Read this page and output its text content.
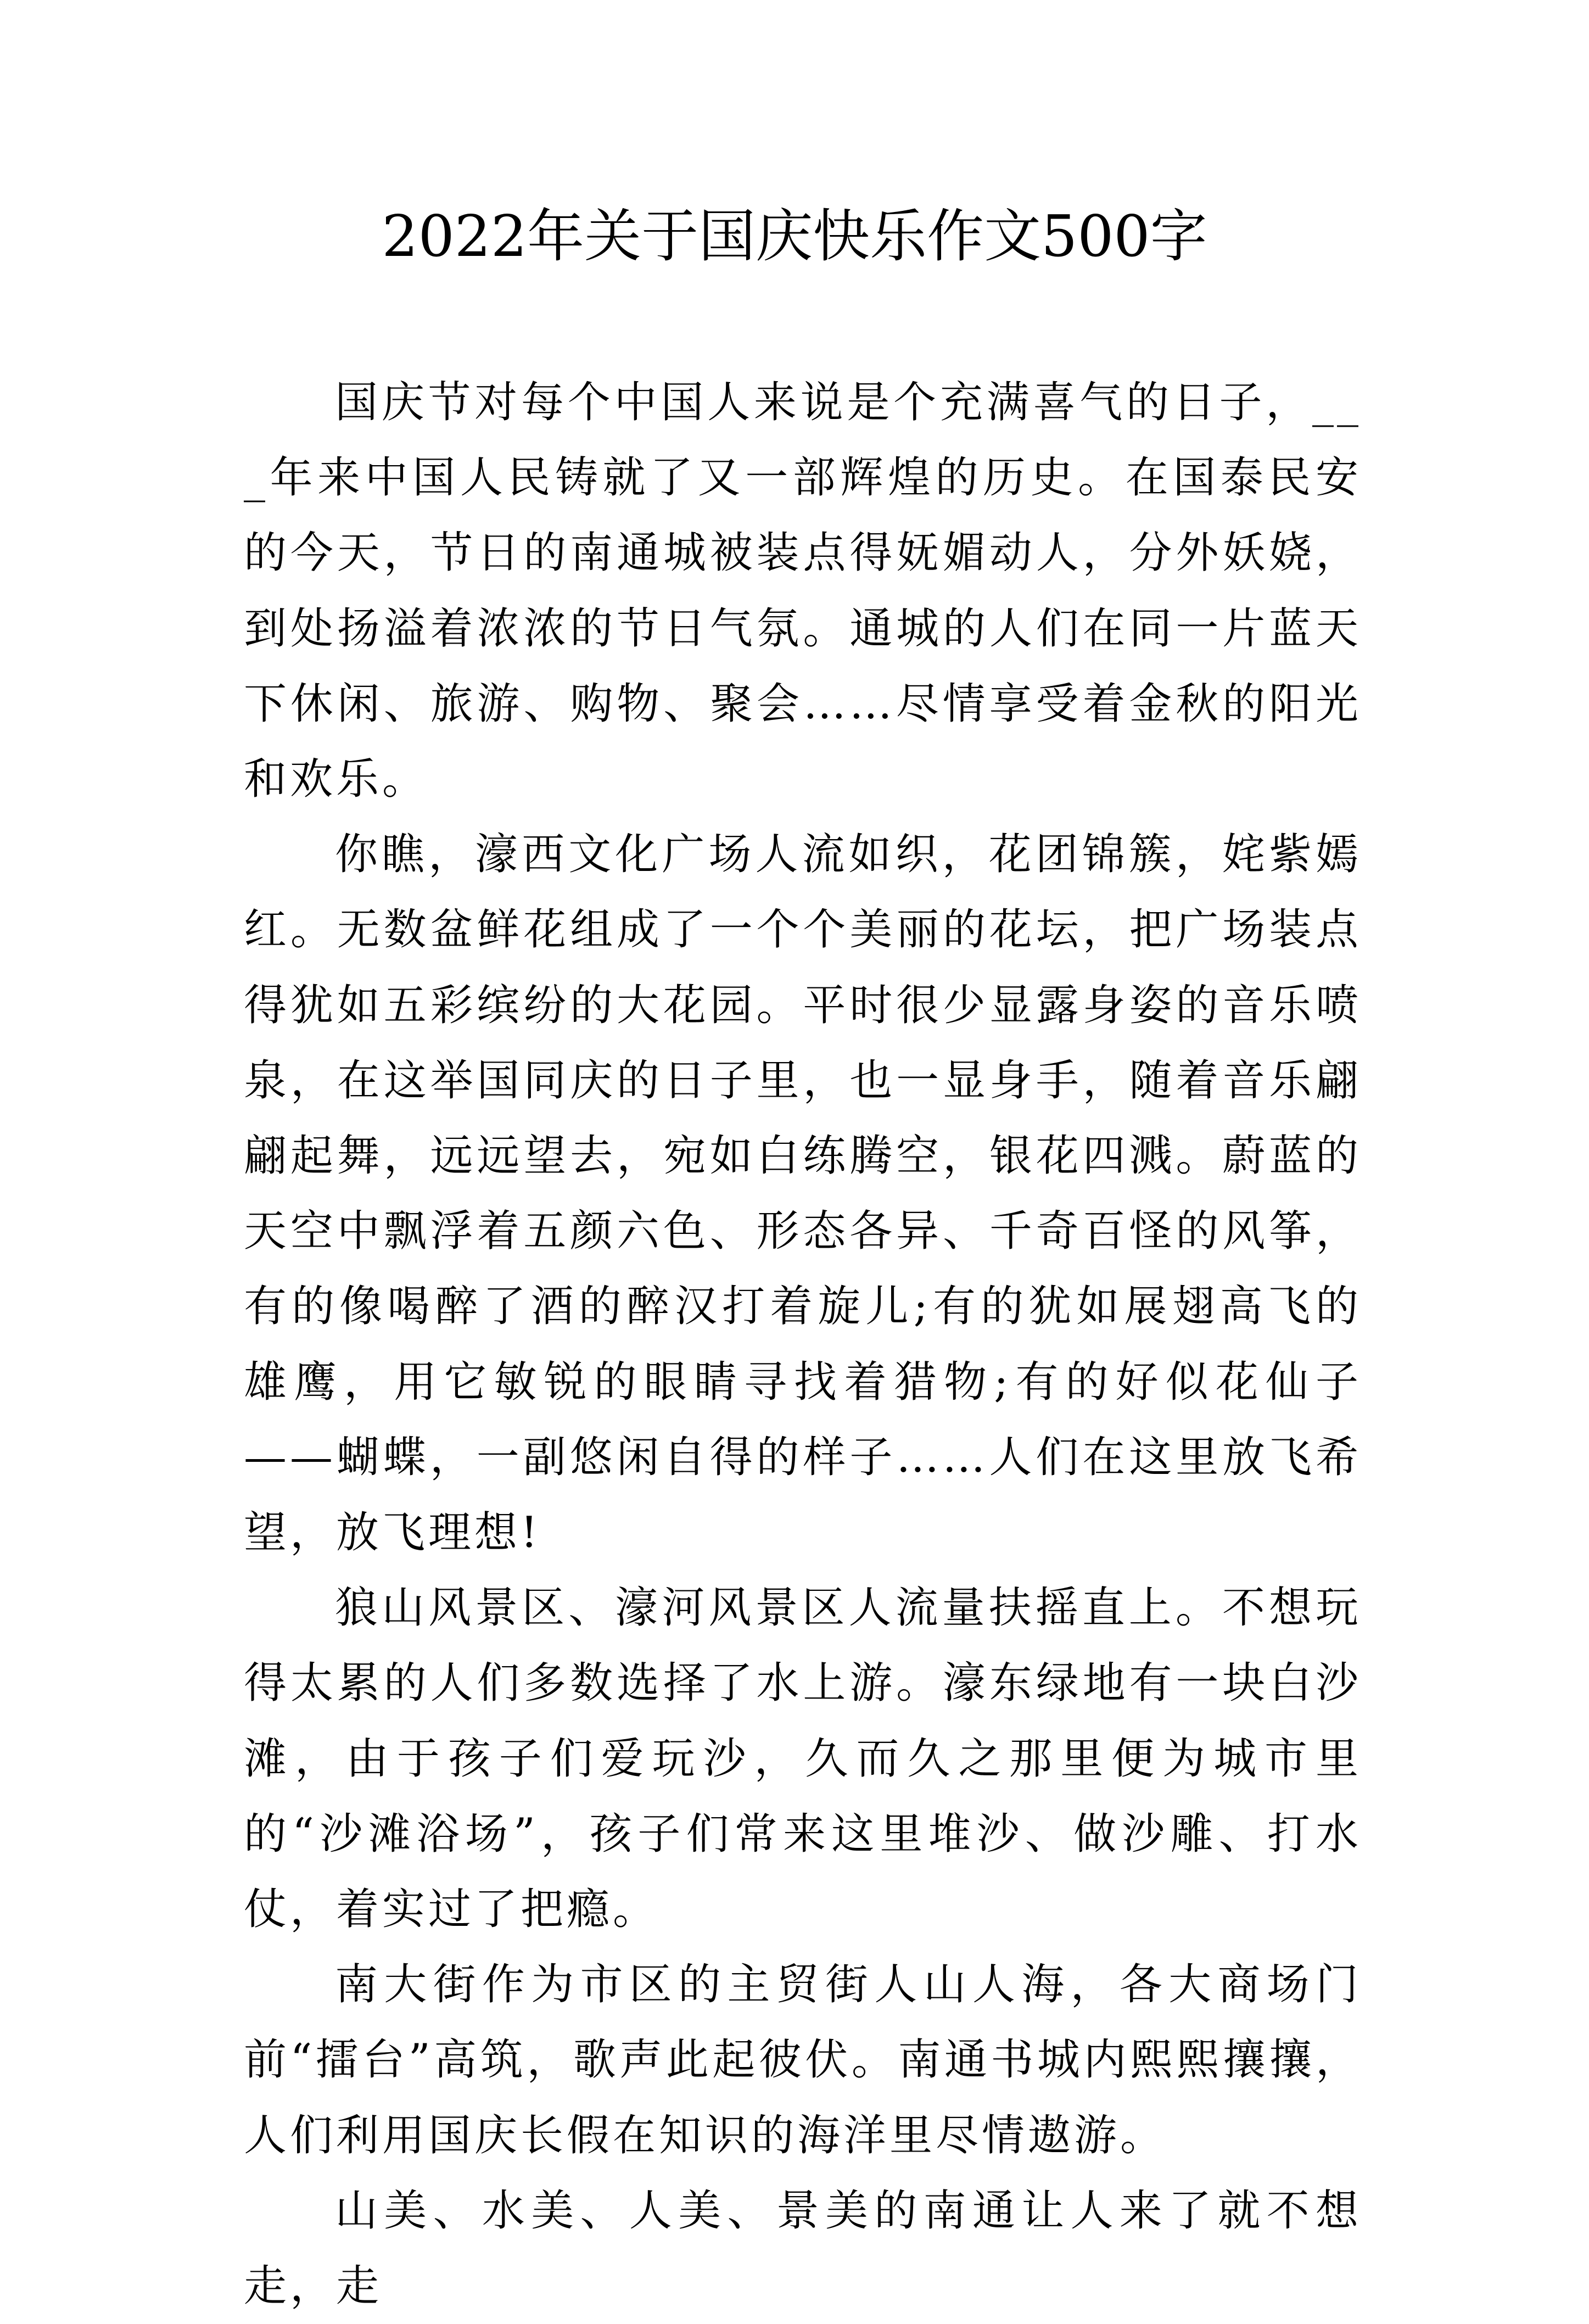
2022年关于国庆快乐作文500字

国庆节对每个中国人来说是个充满喜气的日子，___年来中国人民铸就了又一部辉煌的历史。在国泰民安的今天，节日的南通城被装点得妩媚动人，分外妖娆，到处扬溢着浓浓的节日气氛。通城的人们在同一片蓝天下休闲、旅游、购物、聚会……尽情享受着金秋的阳光和欢乐。

你瞧，濠西文化广场人流如织，花团锦簇，姹紫嫣红。无数盆鲜花组成了一个个美丽的花坛，把广场装点得犹如五彩缤纷的大花园。平时很少显露身姿的音乐喷泉，在这举国同庆的日子里，也一显身手，随着音乐翩翩起舞，远远望去，宛如白练腾空，银花四溅。蔚蓝的天空中飘浮着五颜六色、形态各异、千奇百怪的风筝，有的像喝醉了酒的醉汉打着旋儿;有的犹如展翅高飞的雄鹰，用它敏锐的眼睛寻找着猎物;有的好似花仙子——蝴蝶，一副悠闲自得的样子……人们在这里放飞希望，放飞理想!

狼山风景区、濠河风景区人流量扶摇直上。不想玩得太累的人们多数选择了水上游。濠东绿地有一块白沙滩，由于孩子们爱玩沙，久而久之那里便为城市里的“沙滩浴场”，孩子们常来这里堆沙、做沙雕、打水仗，着实过了把瘾。

南大街作为市区的主贸街人山人海，各大商场门前“擂台”高筑，歌声此起彼伏。南通书城内熙熙攘攘，人们利用国庆长假在知识的海洋里尽情遨游。

山美、水美、人美、景美的南通让人来了就不想走，走
